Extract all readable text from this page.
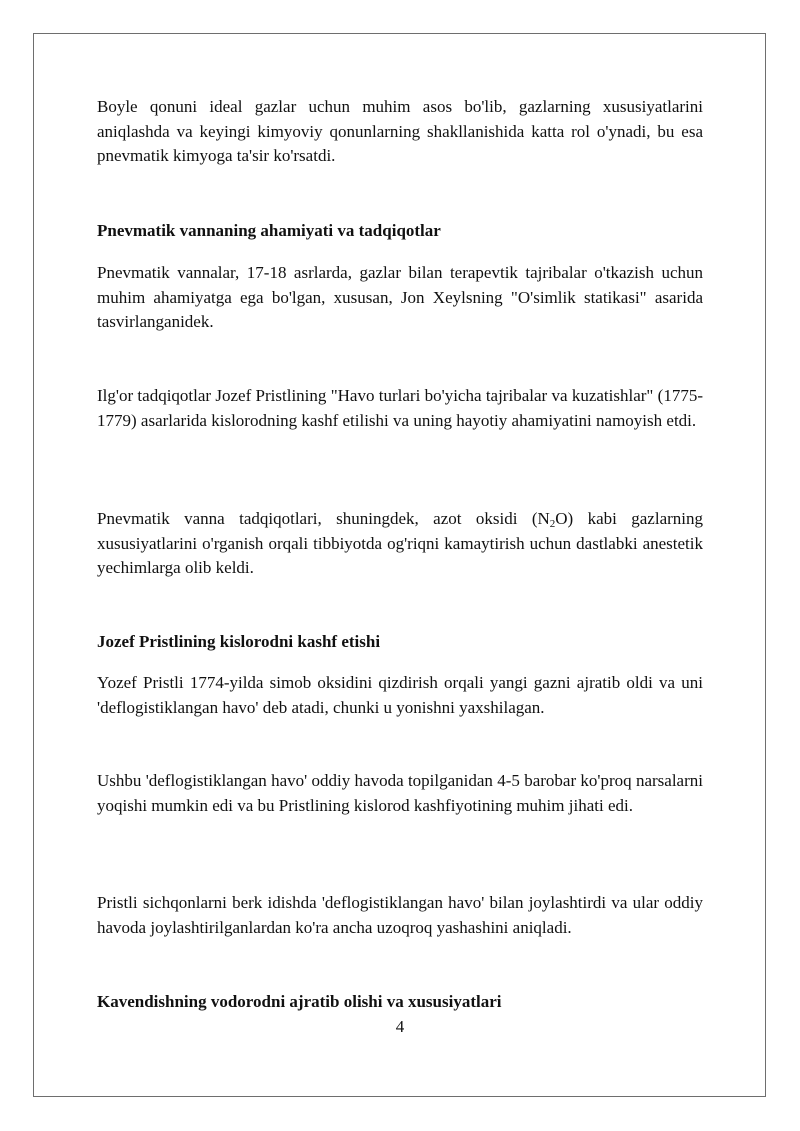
Boyle qonuni ideal gazlar uchun muhim asos bo'lib, gazlarning xususiyatlarini aniqlashda va keyingi kimyoviy qonunlarning shakllanishida katta rol o'ynadi, bu esa pnevmatik kimyoga ta'sir ko'rsatdi.

Pnevmatik vannaning ahamiyati va tadqiqotlar

Pnevmatik vannalar, 17-18 asrlarda, gazlar bilan terapevtik tajribalar o'tkazish uchun muhim ahamiyatga ega bo'lgan, xususan, Jon Xeylsning "O'simlik statikasi" asarida tasvirlanganidek.

Ilg'or tadqiqotlar Jozef Pristlining "Havo turlari bo'yicha tajribalar va kuzatishlar" (1775-1779) asarlarida kislorodning kashf etilishi va uning hayotiy ahamiyatini namoyish etdi.

Pnevmatik vanna tadqiqotlari, shuningdek, azot oksidi $(N_2O)$ kabi gazlarning xususiyatlarini o'rganish orqali tibbiyotda og'riqni kamaytirish uchun dastlabki anestetik yechimlarga olib keldi.

Jozef Pristlining kislorodni kashf etishi

Yozef Pristli 1774-yilda simob oksidini qizdirish orqali yangi gazni ajratib oldi va uni 'deflogistiklangan havo' deb atadi, chunki u yonishni yaxshilagan.

Ushbu 'deflogistiklangan havo' oddiy havoda topilganidan 4-5 barobar ko'proq narsalarni yoqishi mumkin edi va bu Pristlining kislorod kashfiyotining muhim jihati edi.

Pristli sichqonlarni berk idishda 'deflogistiklangan havo' bilan joylashtirdi va ular oddiy havoda joylashtirilganlardan ko'ra ancha uzoqroq yashashini aniqladi.

Kavendishning vodorodni ajratib olishi va xususiyatlari
4
